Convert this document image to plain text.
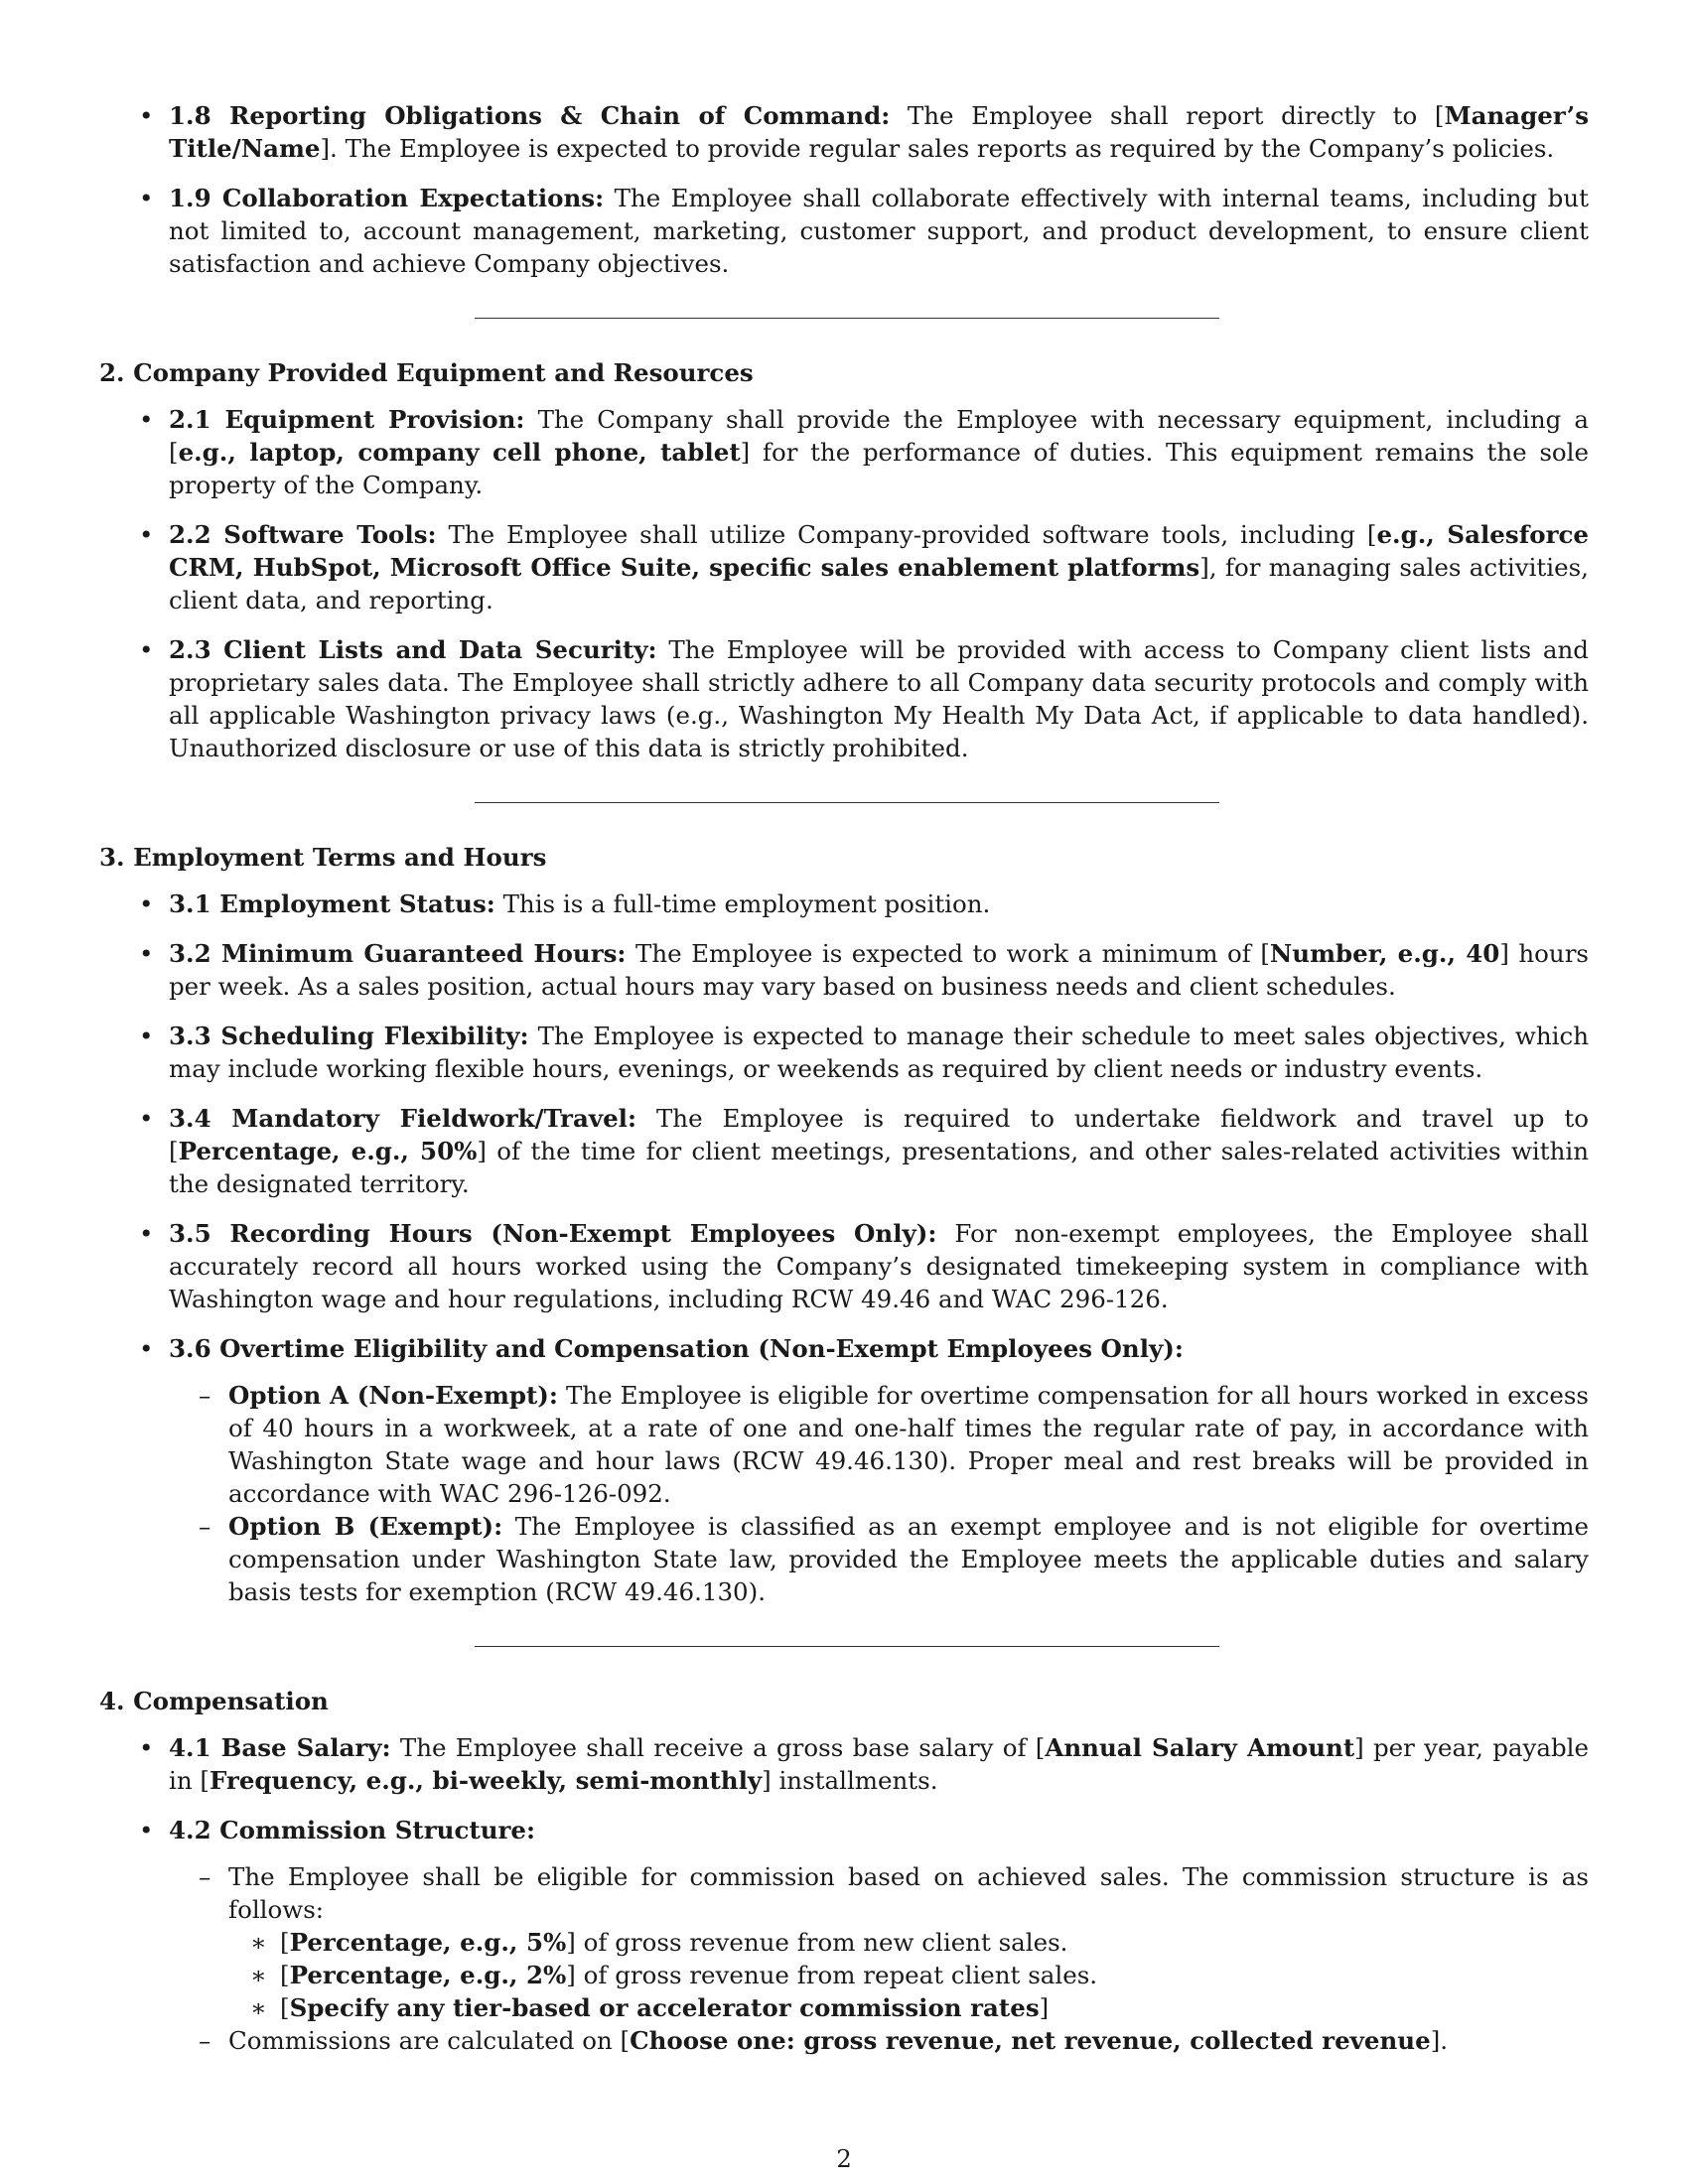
• 1.8 Reporting Obligations & Chain of Command: The Employee shall report directly to [Manager’s Title/Name]. The Employee is expected to provide regular sales reports as required by the Company’s policies.
• 1.9 Collaboration Expectations: The Employee shall collaborate effectively with internal teams, including but not limited to, account management, marketing, customer support, and product development, to ensure client satisfaction and achieve Company objectives.
2. Company Provided Equipment and Resources
• 2.1 Equipment Provision: The Company shall provide the Employee with necessary equipment, including a [e.g., laptop, company cell phone, tablet] for the performance of duties. This equipment remains the sole property of the Company.
• 2.2 Software Tools: The Employee shall utilize Company-provided software tools, including [e.g., Salesforce CRM, HubSpot, Microsoft Office Suite, specific sales enablement platforms], for managing sales activities, client data, and reporting.
• 2.3 Client Lists and Data Security: The Employee will be provided with access to Company client lists and proprietary sales data. The Employee shall strictly adhere to all Company data security protocols and comply with all applicable Washington privacy laws (e.g., Washington My Health My Data Act, if applicable to data handled). Unauthorized disclosure or use of this data is strictly prohibited.
3. Employment Terms and Hours
• 3.1 Employment Status: This is a full-time employment position.
• 3.2 Minimum Guaranteed Hours: The Employee is expected to work a minimum of [Number, e.g., 40] hours per week. As a sales position, actual hours may vary based on business needs and client schedules.
• 3.3 Scheduling Flexibility: The Employee is expected to manage their schedule to meet sales objectives, which may include working flexible hours, evenings, or weekends as required by client needs or industry events.
• 3.4 Mandatory Fieldwork/Travel: The Employee is required to undertake fieldwork and travel up to [Percentage, e.g., 50%] of the time for client meetings, presentations, and other sales-related activities within the designated territory.
• 3.5 Recording Hours (Non-Exempt Employees Only): For non-exempt employees, the Employee shall accurately record all hours worked using the Company’s designated timekeeping system in compliance with Washington wage and hour regulations, including RCW 49.46 and WAC 296-126.
• 3.6 Overtime Eligibility and Compensation (Non-Exempt Employees Only):
– Option A (Non-Exempt): The Employee is eligible for overtime compensation for all hours worked in excess of 40 hours in a workweek, at a rate of one and one-half times the regular rate of pay, in accordance with Washington State wage and hour laws (RCW 49.46.130). Proper meal and rest breaks will be provided in accordance with WAC 296-126-092.
– Option B (Exempt): The Employee is classified as an exempt employee and is not eligible for overtime compensation under Washington State law, provided the Employee meets the applicable duties and salary basis tests for exemption (RCW 49.46.130).
4. Compensation
• 4.1 Base Salary: The Employee shall receive a gross base salary of [Annual Salary Amount] per year, payable in [Frequency, e.g., bi-weekly, semi-monthly] installments.
• 4.2 Commission Structure:
– The Employee shall be eligible for commission based on achieved sales. The commission structure is as follows:
∗ [Percentage, e.g., 5%] of gross revenue from new client sales.
∗ [Percentage, e.g., 2%] of gross revenue from repeat client sales.
∗ [Specify any tier-based or accelerator commission rates]
– Commissions are calculated on [Choose one: gross revenue, net revenue, collected revenue].
2
